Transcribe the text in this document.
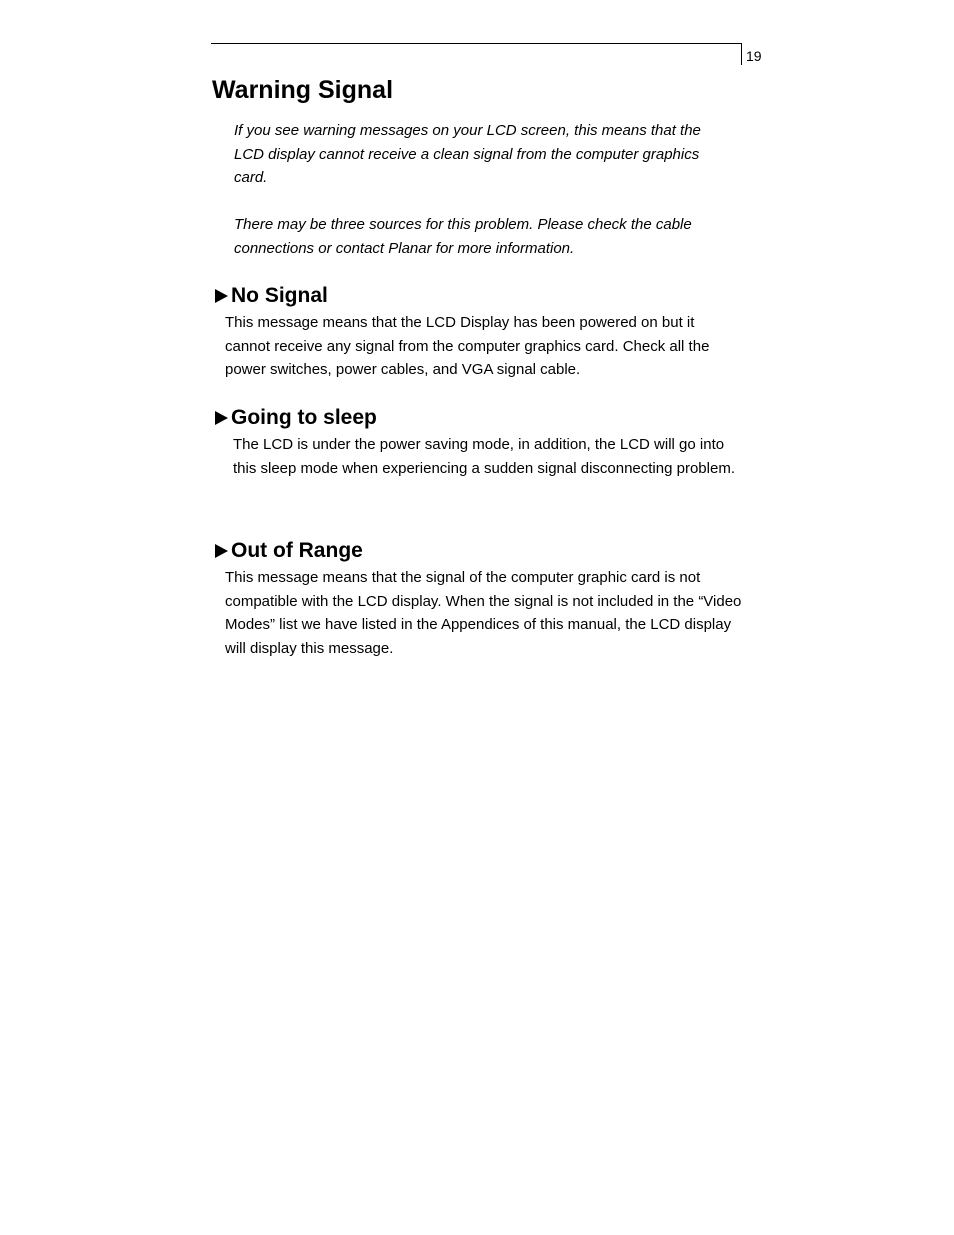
19
Warning Signal

If you see warning messages on your LCD screen, this means that the LCD display cannot receive a clean signal from the computer graphics card.

There may be three sources for this problem. Please check the cable connections or contact Planar for more information.

No Signal

This message means that the LCD Display has been powered on but it cannot receive any signal from the computer graphics card. Check all the power switches, power cables, and VGA signal cable.

Going to sleep

The LCD is under the power saving mode, in addition, the LCD will go into this sleep mode when experiencing a sudden signal disconnecting problem.

Out of Range

This message means that the signal of the computer graphic card is not compatible with the LCD display. When the signal is not included in the “Video Modes” list we have listed in the Appendices of this manual, the LCD display will display this message.
